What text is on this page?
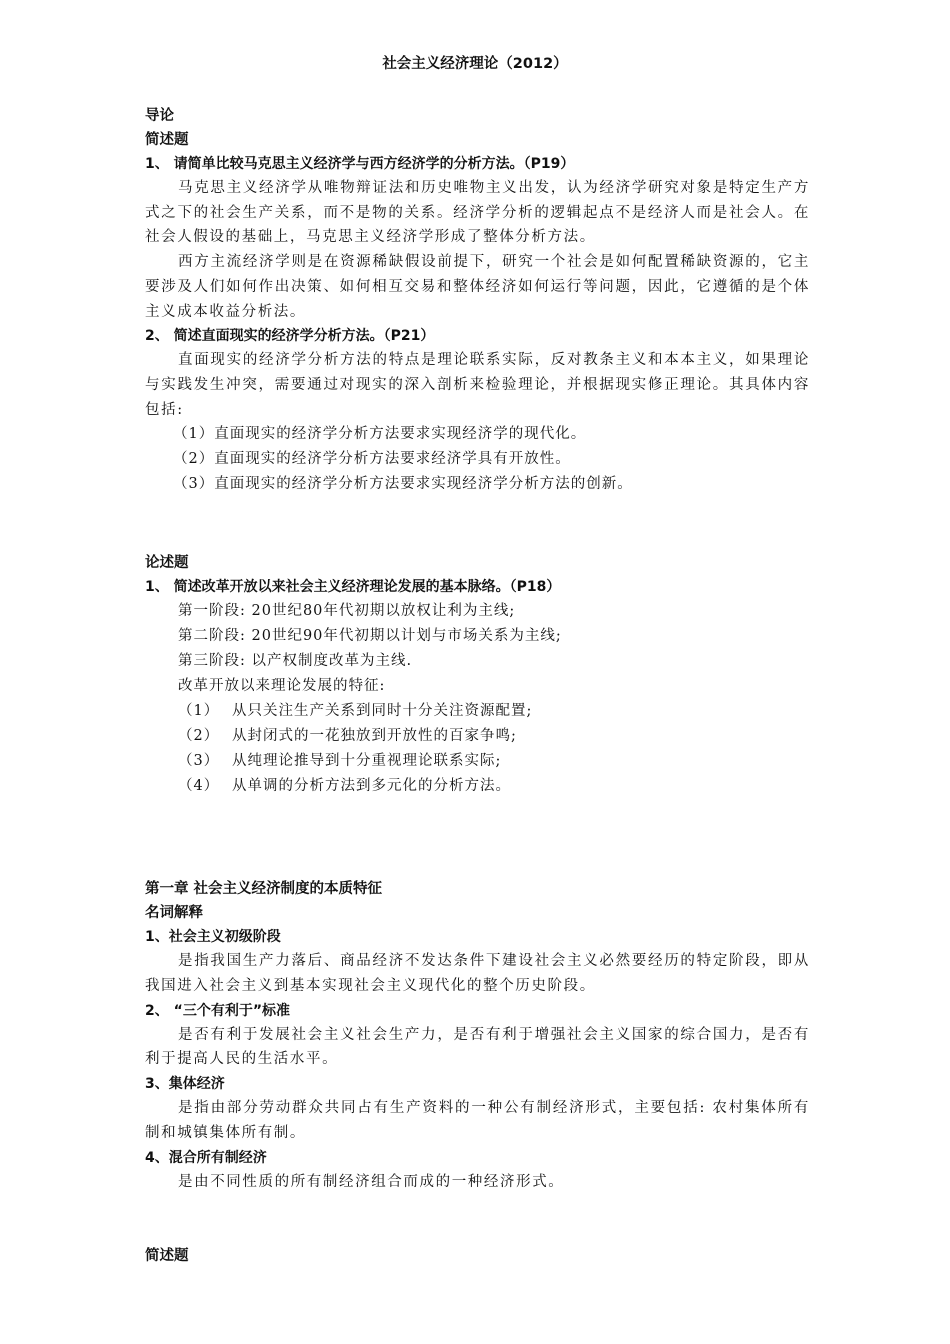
社会主义经济理论（2012）
导论
简述题
1、 请简单比较马克思主义经济学与西方经济学的分析方法。（P19）

马克思主义经济学从唯物辩证法和历史唯物主义出发，认为经济学研究对象是特定生产方式之下的社会生产关系，而不是物的关系。经济学分析的逻辑起点不是经济人而是社会人。在社会人假设的基础上，马克思主义经济学形成了整体分析方法。

西方主流经济学则是在资源稀缺假设前提下，研究一个社会是如何配置稀缺资源的，它主要涉及人们如何作出决策、如何相互交易和整体经济如何运行等问题，因此，它遵循的是个体主义成本收益分析法。

2、 简述直面现实的经济学分析方法。（P21）

直面现实的经济学分析方法的特点是理论联系实际，反对教条主义和本本主义，如果理论与实践发生冲突，需要通过对现实的深入剖析来检验理论，并根据现实修正理论。其具体内容包括:

（1）直面现实的经济学分析方法要求实现经济学的现代化。
（2）直面现实的经济学分析方法要求经济学具有开放性。
（3）直面现实的经济学分析方法要求实现经济学分析方法的创新。
论述题
1、 简述改革开放以来社会主义经济理论发展的基本脉络。（P18）
第一阶段: 20世纪80年代初期以放权让利为主线;
第二阶段: 20世纪90年代初期以计划与市场关系为主线;
第三阶段: 以产权制度改革为主线.
改革开放以来理论发展的特征:
（1） 从只关注生产关系到同时十分关注资源配置;
（2） 从封闭式的一花独放到开放性的百家争鸣;
（3） 从纯理论推导到十分重视理论联系实际;
（4） 从单调的分析方法到多元化的分析方法。
第一章 社会主义经济制度的本质特征
名词解释
1、社会主义初级阶段

是指我国生产力落后、商品经济不发达条件下建设社会主义必然要经历的特定阶段，即从我国进入社会主义到基本实现社会主义现代化的整个历史阶段。

2、 “三个有利于”标准

是否有利于发展社会主义社会生产力，是否有利于增强社会主义国家的综合国力，是否有利于提高人民的生活水平。

3、集体经济

是指由部分劳动群众共同占有生产资料的一种公有制经济形式，主要包括: 农村集体所有制和城镇集体所有制。

4、混合所有制经济

是由不同性质的所有制经济组合而成的一种经济形式。

简述题
